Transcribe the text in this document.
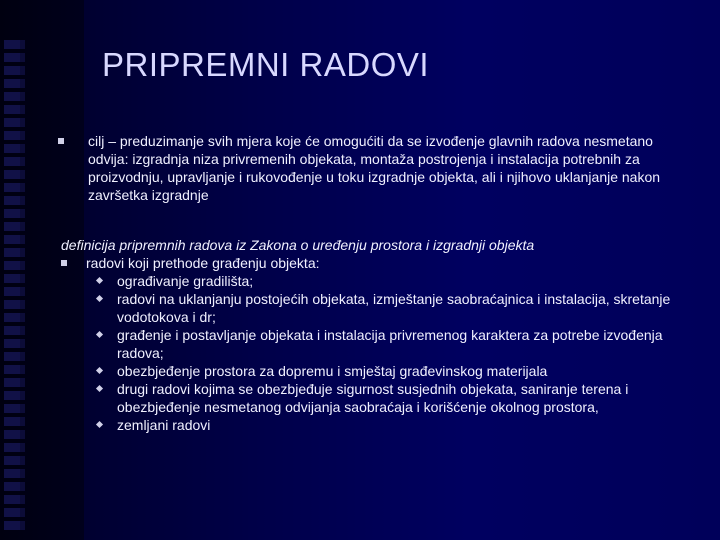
PRIPREMNI RADOVI
cilj – preduzimanje svih mjera koje će omogućiti da se izvođenje glavnih radova nesmetano odvija: izgradnja niza privremenih objekata, montaža postrojenja i instalacija potrebnih za proizvodnju, upravljanje i rukovođenje u toku izgradnje objekta, ali i njihovo uklanjanje nakon završetka izgradnje
definicija pripremnih radova iz Zakona o uređenju prostora i izgradnji objekta
radovi koji prethode građenju objekta:
ograđivanje gradilišta;
radovi na uklanjanju postojećih objekata, izmještanje saobraćajnica i instalacija, skretanje vodotokova i dr;
građenje i postavljanje objekata i instalacija privremenog karaktera za potrebe izvođenja radova;
obezbjeđenje prostora za dopremu i smještaj građevinskog materijala
drugi radovi kojima se obezbjeđuje sigurnost susjednih objekata, saniranje terena i obezbjeđenje nesmetanog odvijanja saobraćaja i korišćenje okolnog prostora,
zemljani radovi
